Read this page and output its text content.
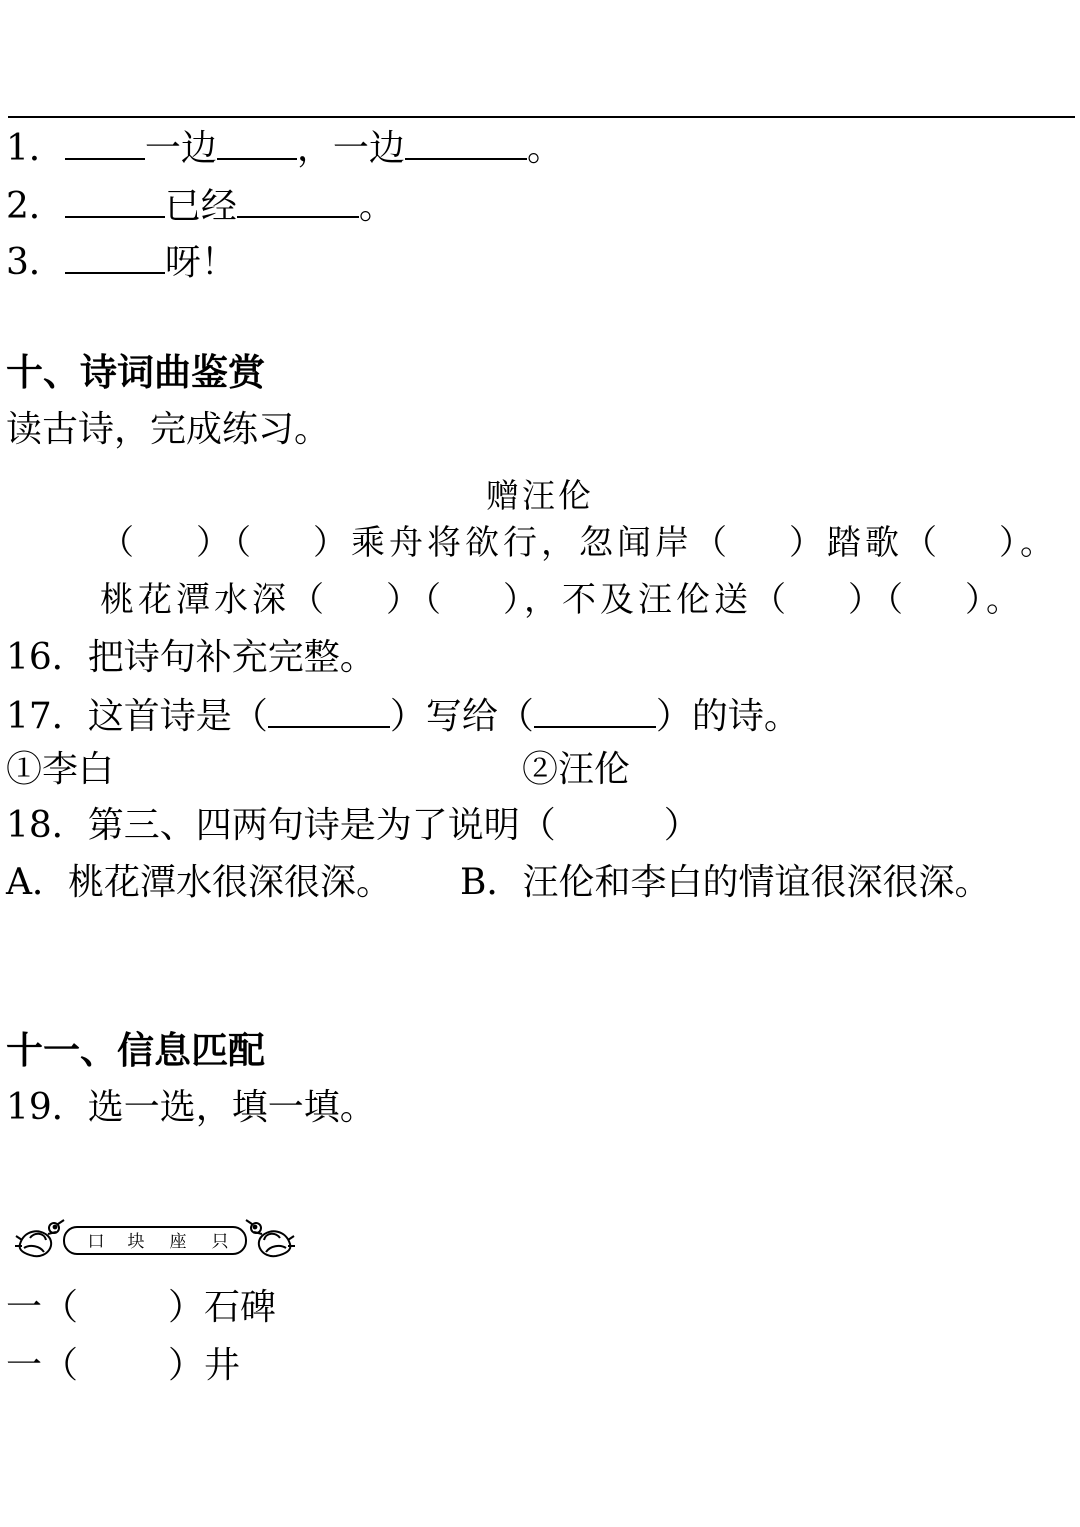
1． 一边 ，一边	。
2．	已经	。
3．	呀！
十、诗词曲鉴赏
读古诗，完成练习。
赠汪伦
（ ）（ ）乘舟将欲行，忽闻岸（ ）踏歌（ ）。
桃花潭水深（ ）（ ），不及汪伦送（ ）（ ）。
16．把诗句补充完整。
17．这首诗是（	）写给（	）的诗。
①李白	②汪伦
18．第三、四两句诗是为了说明（　　　）
A．桃花潭水很深很深。 B．汪伦和李白的情谊很深很深。
十一、信息匹配
19．选一选，填一填。
口 块 座 只
一（	）石碑
一（	）井
